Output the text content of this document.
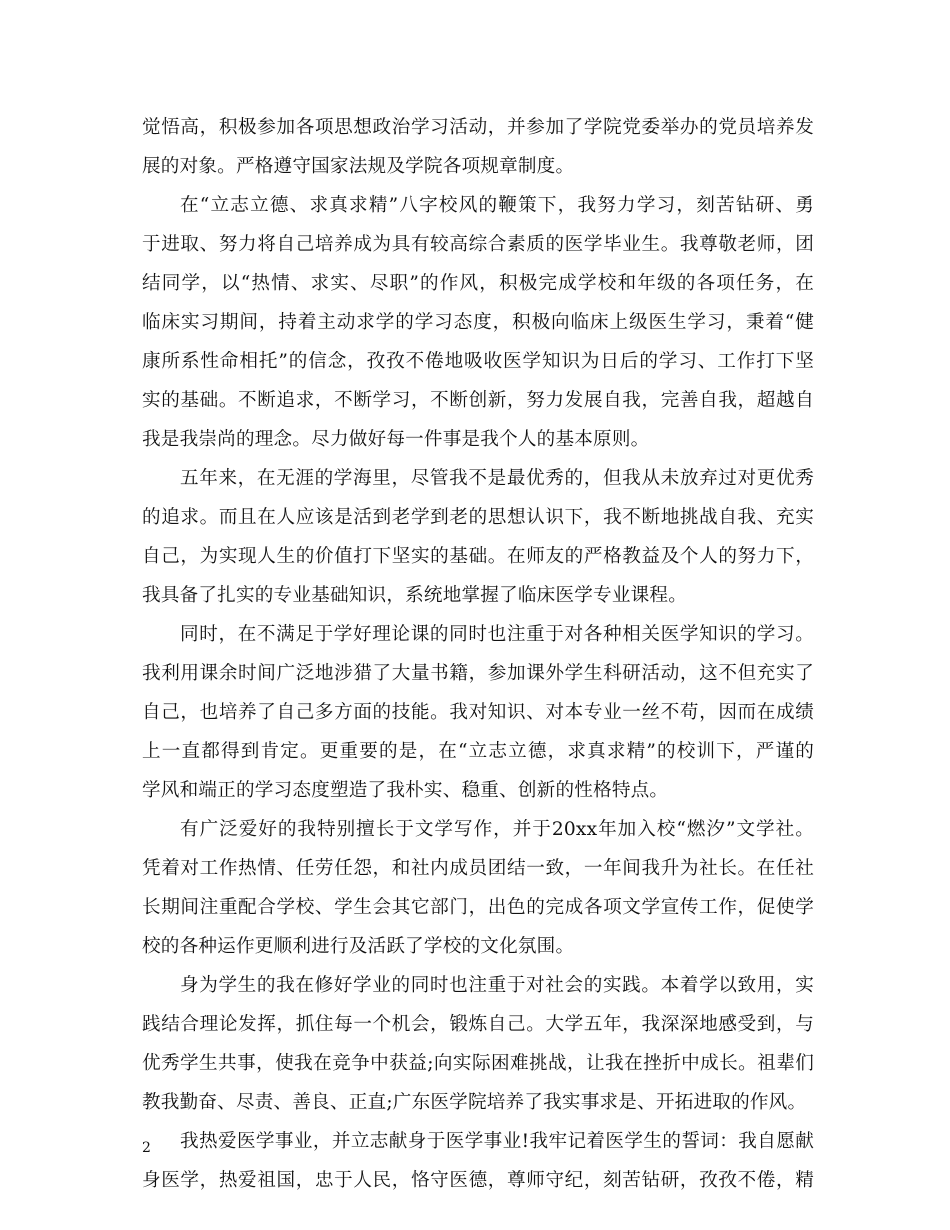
觉悟高，积极参加各项思想政治学习活动，并参加了学院党委举办的党员培养发
展的对象。严格遵守国家法规及学院各项规章制度。
在“立志立德、求真求精”八字校风的鞭策下，我努力学习，刻苦钻研、勇
于进取、努力将自己培养成为具有较高综合素质的医学毕业生。我尊敬老师，团
结同学，以“热情、求实、尽职”的作风，积极完成学校和年级的各项任务，在
临床实习期间，持着主动求学的学习态度，积极向临床上级医生学习，秉着“健
康所系性命相托”的信念，孜孜不倦地吸收医学知识为日后的学习、工作打下坚
实的基础。不断追求，不断学习，不断创新，努力发展自我，完善自我，超越自
我是我崇尚的理念。尽力做好每一件事是我个人的基本原则。
五年来，在无涯的学海里，尽管我不是最优秀的，但我从未放弃过对更优秀
的追求。而且在人应该是活到老学到老的思想认识下，我不断地挑战自我、充实
自己，为实现人生的价值打下坚实的基础。在师友的严格教益及个人的努力下，
我具备了扎实的专业基础知识，系统地掌握了临床医学专业课程。
同时，在不满足于学好理论课的同时也注重于对各种相关医学知识的学习。
我利用课余时间广泛地涉猎了大量书籍，参加课外学生科研活动，这不但充实了
自己，也培养了自己多方面的技能。我对知识、对本专业一丝不苟，因而在成绩
上一直都得到肯定。更重要的是，在“立志立德，求真求精”的校训下，严谨的
学风和端正的学习态度塑造了我朴实、稳重、创新的性格特点。
有广泛爱好的我特别擅长于文学写作，并于20xx年加入校“燃汐”文学社。
凭着对工作热情、任劳任怨，和社内成员团结一致，一年间我升为社长。在任社
长期间注重配合学校、学生会其它部门，出色的完成各项文学宣传工作，促使学
校的各种运作更顺利进行及活跃了学校的文化氛围。
身为学生的我在修好学业的同时也注重于对社会的实践。本着学以致用，实
践结合理论发挥，抓住每一个机会，锻炼自己。大学五年，我深深地感受到，与
优秀学生共事，使我在竞争中获益;向实际困难挑战，让我在挫折中成长。祖辈们
教我勤奋、尽责、善良、正直;广东医学院培养了我实事求是、开拓进取的作风。
我热爱医学事业，并立志献身于医学事业!我牢记着医学生的誓词：我自愿献
身医学，热爱祖国，忠于人民，恪守医德，尊师守纪，刻苦钻研，孜孜不倦，精
2
